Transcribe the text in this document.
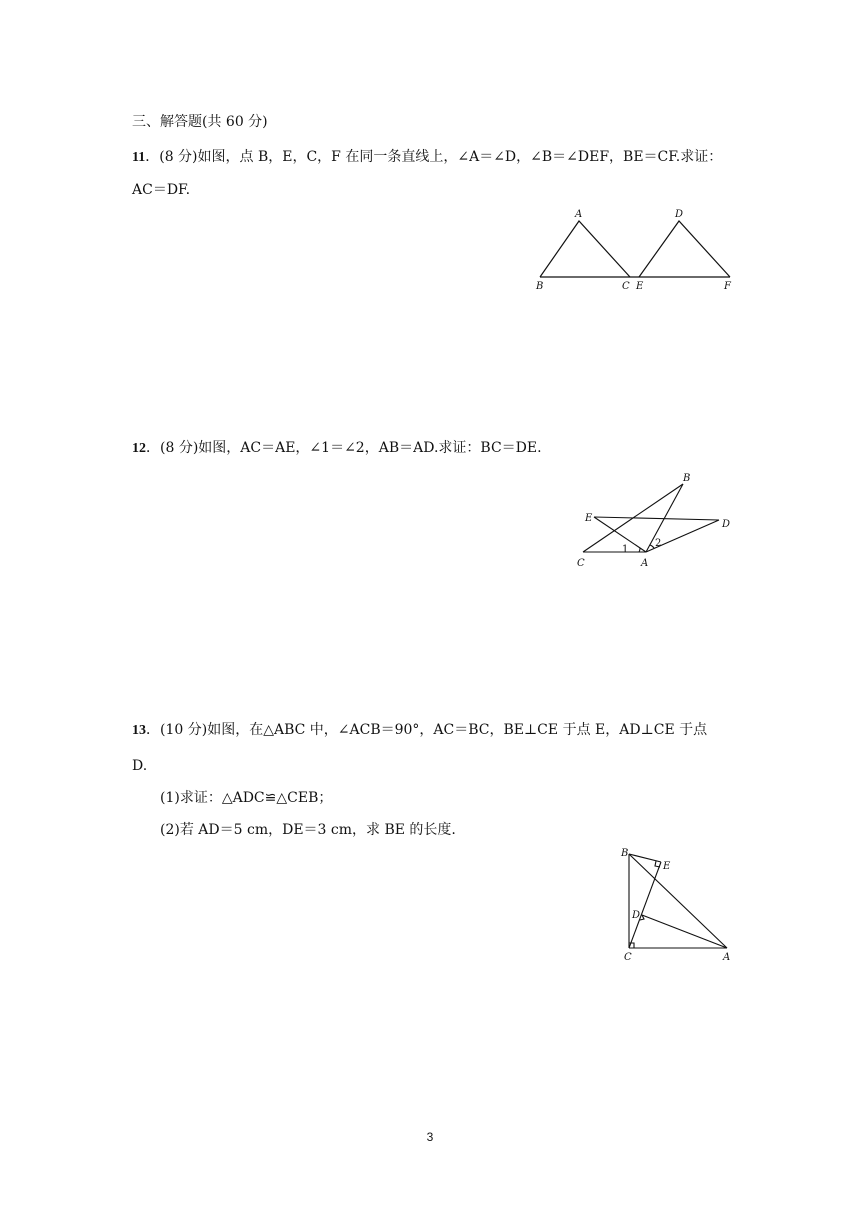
三、解答题(共 60 分)
11．(8 分)如图，点 B，E，C，F 在同一条直线上，∠A＝∠D，∠B＝∠DEF，BE＝CF.求证：
AC＝DF.
A	D
B	C E	F
12．(8 分)如图，AC＝AE，∠1＝∠2，AB＝AD.求证：BC＝DE.
B
E
D
1
2
C	A
13．(10 分)如图，在△ABC 中，∠ACB＝90°，AC＝BC，BE⊥CE 于点 E，AD⊥CE 于点
D.
(1)求证：△ADC≌△CEB；
(2)若 AD＝5 cm，DE＝3 cm，求 BE 的长度.
B
E
D
C	A
3
